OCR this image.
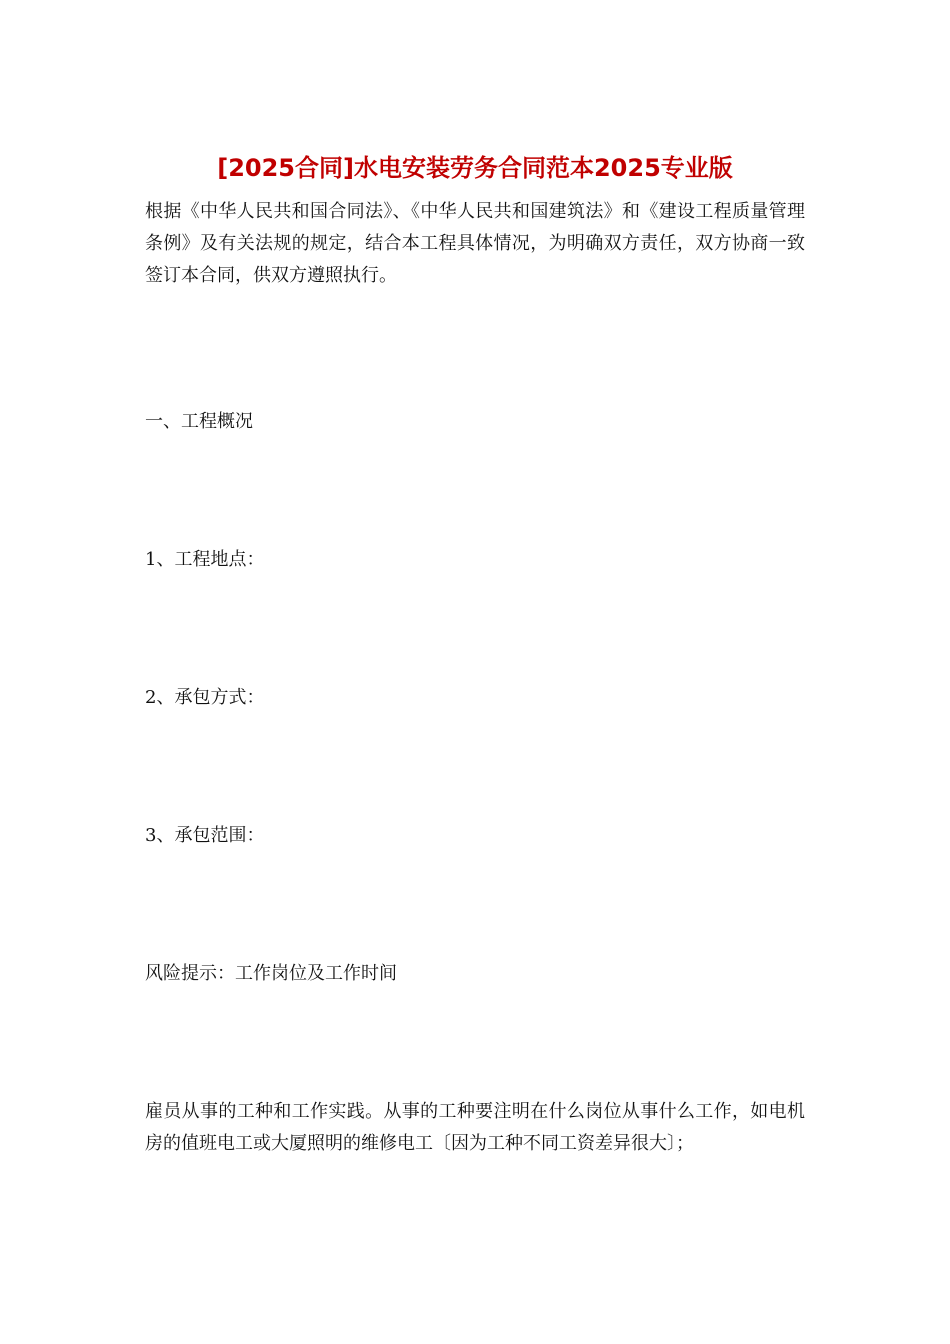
[2025合同]水电安装劳务合同范本2025专业版

根据《中华人民共和国合同法》、《中华人民共和国建筑法》和《建设工程质量管理条例》及有关法规的规定，结合本工程具体情况，为明确双方责任，双方协商一致签订本合同，供双方遵照执行。

一、工程概况

1、工程地点：

2、承包方式：

3、承包范围：

风险提示：工作岗位及工作时间

雇员从事的工种和工作实践。从事的工种要注明在什么岗位从事什么工作，如电机房的值班电工或大厦照明的维修电工〔因为工种不同工资差异很大〕；
